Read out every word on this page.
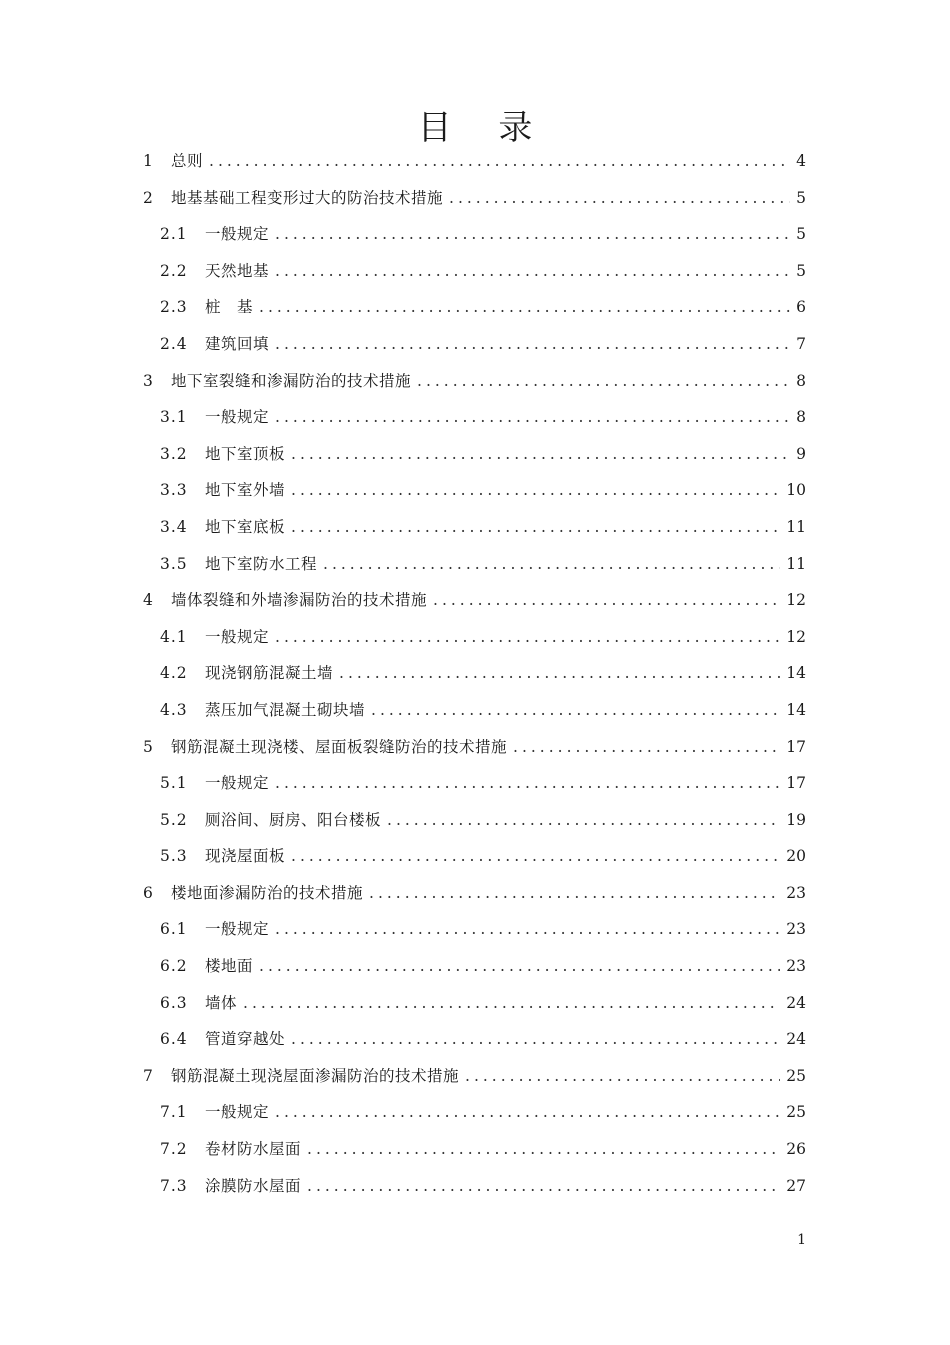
目 录
1	总则 .....	4
2	地基基础工程变形过大的防治技术措施 .....	5
2.1	一般规定 .....	5
2.2	天然地基 .....	5
2.3	桩　基 .....	6
2.4	建筑回填 .....	7
3	地下室裂缝和渗漏防治的技术措施 .....	8
3.1	一般规定 .....	8
3.2	地下室顶板 .....	9
3.3	地下室外墙 .....	10
3.4	地下室底板 .....	11
3.5	地下室防水工程 .....	11
4	墙体裂缝和外墙渗漏防治的技术措施 .....	12
4.1	一般规定 .....	12
4.2	现浇钢筋混凝土墙 .....	14
4.3	蒸压加气混凝土砌块墙 .....	14
5	钢筋混凝土现浇楼、屋面板裂缝防治的技术措施 .....	17
5.1	一般规定 .....	17
5.2	厕浴间、厨房、阳台楼板 .....	19
5.3	现浇屋面板 .....	20
6	楼地面渗漏防治的技术措施 .....	23
6.1	一般规定 .....	23
6.2	楼地面 .....	23
6.3	墙体 .....	24
6.4	管道穿越处 .....	24
7	钢筋混凝土现浇屋面渗漏防治的技术措施 .....	25
7.1	一般规定 .....	25
7.2	卷材防水屋面 .....	26
7.3	涂膜防水屋面 .....	27
1
